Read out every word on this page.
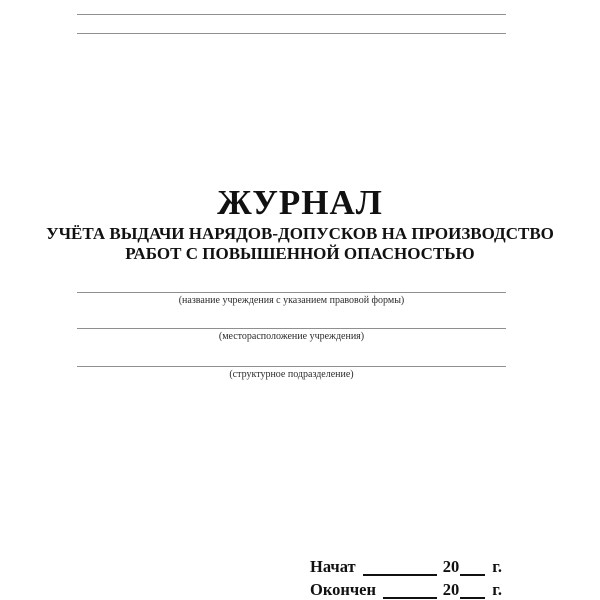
ЖУРНАЛ
УЧЁТА ВЫДАЧИ НАРЯДОВ-ДОПУСКОВ НА ПРОИЗВОДСТВО
РАБОТ С ПОВЫШЕННОЙ ОПАСНОСТЬЮ
(название учреждения с указанием правовой формы)
(месторасположение учреждения)
(структурное подразделение)
Начат	20 г.
Окончен	20 г.
